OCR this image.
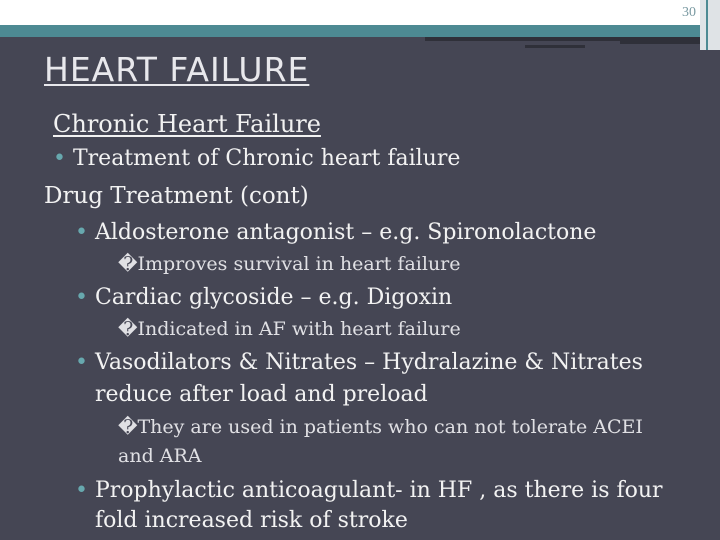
30
HEART FAILURE
Chronic Heart Failure
• Treatment of Chronic heart failure
Drug Treatment (cont)
• Aldosterone antagonist – e.g. Spironolactone
�Improves survival in heart failure
• Cardiac glycoside – e.g. Digoxin
�Indicated in AF with heart failure
• Vasodilators & Nitrates – Hydralazine & Nitrates
reduce after load and preload
�They are used in patients who can not tolerate ACEI
and ARA
• Prophylactic anticoagulant- in HF , as there is four
fold increased risk of stroke
